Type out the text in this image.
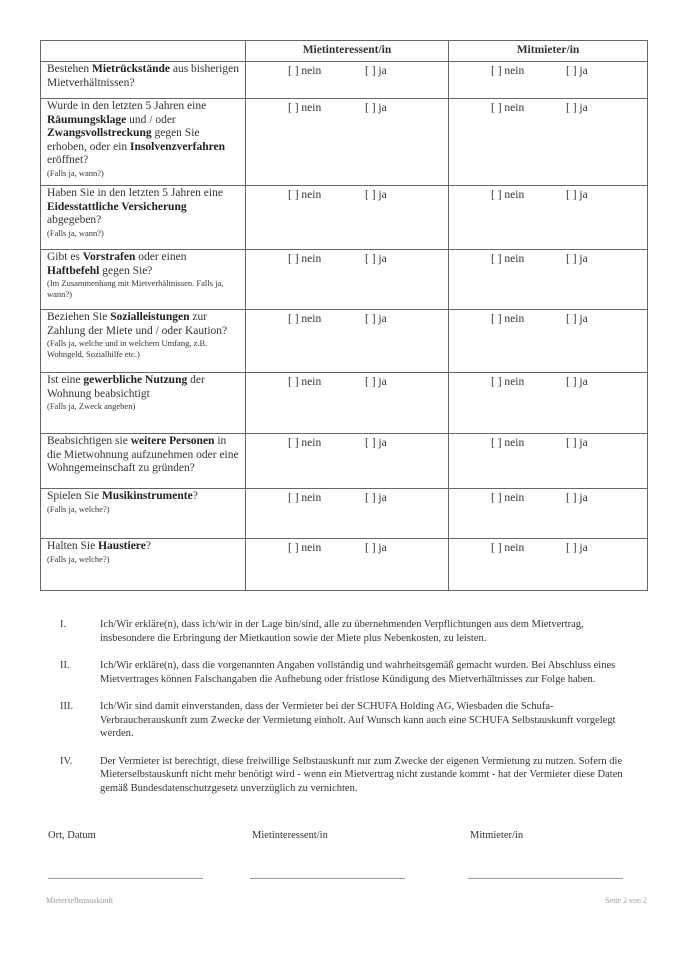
	Mietinteressent/in	Mitmieter/in
Bestehen Mietrückstände aus bisherigen Mietverhältnissen?	[ ] nein [ ] ja	[ ] nein [ ] ja

Wurde in den letzten 5 Jahren eine Räumungsklage und / oder Zwangsvollstreckung gegen Sie erhoben, oder ein Insolvenzverfahren eröffnet?
(Falls ja, wann?)	[ ] nein [ ] ja	[ ] nein [ ] ja

Haben Sie in den letzten 5 Jahren eine Eidesstattliche Versicherung abgegeben?
(Falls ja, wann?)	[ ] nein [ ] ja	[ ] nein [ ] ja

Gibt es Vorstrafen oder einen Haftbefehl gegen Sie?
(Im Zusammenhang mit Mietverhältnissen. Falls ja, wann?)	[ ] nein [ ] ja	[ ] nein [ ] ja

Beziehen Sie Sozialleistungen zur Zahlung der Miete und / oder Kaution?
(Falls ja, welche und in welchem Umfang, z.B. Wohngeld, Sozialhilfe etc.)	[ ] nein [ ] ja	[ ] nein [ ] ja

Ist eine gewerbliche Nutzung der Wohnung beabsichtigt
(Falls ja, Zweck angeben)	[ ] nein [ ] ja	[ ] nein [ ] ja

Beabsichtigen sie weitere Personen in die Mietwohnung aufzunehmen oder eine Wohngemeinschaft zu gründen?	[ ] nein [ ] ja	[ ] nein [ ] ja

Spielen Sie Musikinstrumente?
(Falls ja, welche?)	[ ] nein [ ] ja	[ ] nein [ ] ja

Halten Sie Haustiere?
(Falls ja, welche?)	[ ] nein [ ] ja	[ ] nein [ ] ja
I.	Ich/Wir erkläre(n), dass ich/wir in der Lage bin/sind, alle zu übernehmenden Verpflichtungen aus dem Mietvertrag, insbesondere die Erbringung der Mietkaution sowie der Miete plus Nebenkosten, zu leisten.
II.	Ich/Wir erkläre(n), dass die vorgenannten Angaben vollständig und wahrheitsgemäß gemacht wurden. Bei Abschluss eines Mietvertrages können Falschangaben die Aufhebung oder fristlose Kündigung des Mietverhältnisses zur Folge haben.
III.	Ich/Wir sind damit einverstanden, dass der Vermieter bei der SCHUFA Holding AG, Wiesbaden die Schufa-Verbraucherauskunft zum Zwecke der Vermietung einholt. Auf Wunsch kann auch eine SCHUFA Selbstauskunft vorgelegt werden.
IV.	Der Vermieter ist berechtigt, diese freiwillige Selbstauskunft nur zum Zwecke der eigenen Vermietung zu nutzen. Sofern die Mieterselbstauskunft nicht mehr benötigt wird - wenn ein Mietvertrag nicht zustande kommt - hat der Vermieter diese Daten gemäß Bundesdatenschutzgesetz unverzüglich zu vernichten.
Ort, Datum	Mietinteressent/in	Mitmieter/in
Mieterselbstauskunft	Seite 2 von 2
